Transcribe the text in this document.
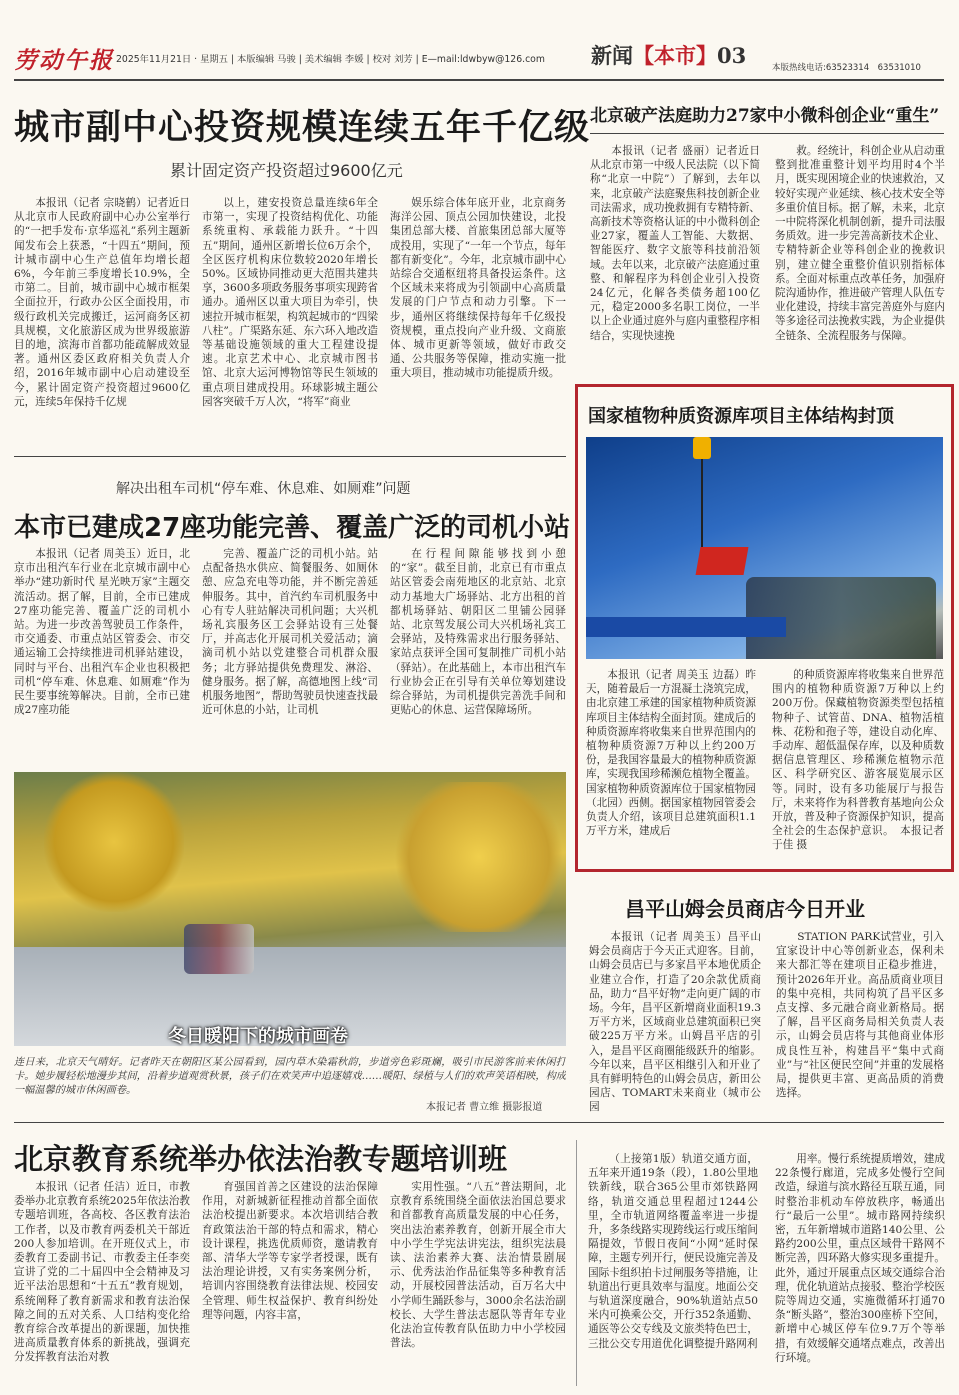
劳动午报 2025年11月21日 · 星期五 | 本版编辑 马骏 | 美术编辑 李媛 | 校对 刘芳 | E—mail:ldwbyw@126.com 新闻【本市】03	本版热线电话:63523314　63531010
城市副中心投资规模连续五年千亿级
累计固定资产投资超过9600亿元
本报讯（记者 宗晓鹤）记者近日从北京市人民政府副中心办公室举行的“一把手发布·京华巡礼”系列主题新闻发布会上获悉，“十四五”期间，预计城市副中心生产总值年均增长超6%，今年前三季度增长10.9%，全市第二。目前，城市副中心城市框架全面拉开，行政办公区全面投用，市级行政机关完成搬迁，运河商务区初具规模，文化旅游区成为世界级旅游目的地，滨海市首都功能疏解成效显著。通州区委区政府相关负责人介绍，2016年城市副中心启动建设至今，累计固定资产投资超过9600亿元，连续5年保持千亿规
以上，建安投资总量连续6年全市第一，实现了投资结构优化、功能系统重构、承载能力跃升。“十四五”期间，通州区新增长位6万余个，全区医疗机构床位数较2020年增长50%。区域协同推动更大范围共建共享，3600多项政务服务事项实现跨省通办。通州区以重大项目为牵引，快速拉开城市框架，构筑起城市的“四梁八柱”。广渠路东延、东六环入地改造等基础设施领域的重大工程建设提速。北京艺术中心、北京城市图书馆、北京大运河博物馆等民生领域的重点项目建成投用。环球影城主题公园客突破千万人次，“将军”商业
娱乐综合体年底开业，北京商务海洋公园、顶点公园加快建设，北投集团总部大楼、首旅集团总部大厦等成投用，实现了“一年一个节点，每年都有新变化”。今年，北京城市副中心站综合交通枢纽将具备投运条件。这个区域未来将成为引领副中心高质量发展的门户节点和动力引擎。下一步，通州区将继续保持每年千亿级投资规模，重点投向产业升级、文商旅体、城市更新等领域，做好市政交通、公共服务等保障，推动实施一批重大项目，推动城市功能提质升级。
北京破产法庭助力27家中小微科创企业“重生”
本报讯（记者 盛丽）记者近日从北京市第一中级人民法院（以下简称“北京一中院”）了解到，去年以来，北京破产法庭聚焦科技创新企业司法需求，成功挽救拥有专精特新、高新技术等资格认证的中小微科创企业27家，覆盖人工智能、大数据、智能医疗、数字文旅等科技前沿领域。去年以来，北京破产法庭通过重整、和解程序为科创企业引入投资24亿元，化解各类债务超100亿元，稳定2000多名职工岗位，一半以上企业通过庭外与庭内重整程序相结合，实现快速挽
救。经统计，科创企业从启动重整到批准重整计划平均用时4个半月，既实现困境企业的快速救治，又较好实现产业延续、核心技术安全等多重价值目标。据了解，未来，北京一中院将深化机制创新，提升司法服务质效。进一步完善高新技术企业、专精特新企业等科创企业的挽救识别，建立健全重整价值识别指标体系。全面对标重点改革任务，加强府院沟通协作，推进破产管理人队伍专业化建设，持续丰富完善庭外与庭内等多途径司法挽救实践，为企业提供全链条、全流程服务与保障。
国家植物种质资源库项目主体结构封顶
本报讯（记者 周美玉 边磊）昨天，随着最后一方混凝土浇筑完成，由北京建工承建的国家植物种质资源库项目主体结构全面封顶。建成后的种质资源库将收集来自世界范围内的植物种质资源7万种以上约200万份，是我国容量最大的植物种质资源库，实现我国珍稀濒危植物全覆盖。国家植物种质资源库位于国家植物园（北园）西侧。据国家植物园管委会负责人介绍，该项目总建筑面积1.1万平方米，建成后
的种质资源库将收集来自世界范围内的植物种质资源7万种以上约200万份。保藏植物资源类型包括植物种子、试管苗、DNA、植物活植株、花粉和孢子等，建设自动化库、手动库、超低温保存库，以及种质数据信息管理区、珍稀濒危植物示范区、科学研究区、游客展览展示区等。同时，设有多功能展厅与报告厅，未来将作为科普教育基地向公众开放，普及种子资源保护知识，提高全社会的生态保护意识。　本报记者 于佳 摄
昌平山姆会员商店今日开业
本报讯（记者 周美玉）昌平山姆会员商店于今天正式迎客。目前，山姆会员店已与多家昌平本地优质企业建立合作，打造了20余款优质商品，助力“昌平好物”走向更广阔的市场。今年，昌平区新增商业面积19.3万平方米，区域商业总建筑面积已突破225万平方米。山姆昌平店的引入，是昌平区商圈能级跃升的缩影。今年以来，昌平区相继引入和开业了具有鲜明特色的山姆会员店，新田公园店、TOMART未来商业（城市公园
STATION PARK试营业，引入宜家设计中心等创新业态，保利未来大都汇等在建项目正稳步推进，预计2026年开业。高品质商业项目的集中亮相，共同构筑了昌平区多点支撑、多元融合商业新格局。据了解，昌平区商务局相关负责人表示，山姆会员店将与其他商业体形成良性互补，构建昌平“集中式商业”与“社区便民空间”并重的发展格局，提供更丰富、更高品质的消费选择。
解决出租车司机“停车难、休息难、如厕难”问题
本市已建成27座功能完善、覆盖广泛的司机小站
本报讯（记者 周美玉）近日，北京市出租汽车行业在北京城市副中心举办“建功新时代 星光映万家”主题交流活动。据了解，目前，全市已建成27座功能完善、覆盖广泛的司机小站。为进一步改善驾驶员工作条件，市交通委、市重点站区管委会、市交通运输工会持续推进司机驿站建设，同时与平台、出租汽车企业也积极把司机“停车难、休息难、如厕难”作为民生要事统筹解决。目前，全市已建成27座功能
完善、覆盖广泛的司机小站。站点配备热水供应、简餐服务、如厕休憩、应急充电等功能，并不断完善延伸服务。其中，首汽约车司机服务中心有专人驻站解决司机问题；大兴机场礼宾服务区工会驿站设有三处餐厅，并高志化开展司机关爱活动；滴滴司机小站以党建整合司机群众服务；北方驿站提供免费理发、淋浴、健身服务。据了解，高德地图上线“司机服务地图”，帮助驾驶员快速查找最近可休息的小站，让司机
在行程间隙能够找到小憩的“家”。截至目前，北京已有市重点站区管委会南苑地区的北京站、北京动力基地大广场驿站、北方出租的首都机场驿站、朝阳区二里铺公园驿站、北京驾发展公司大兴机场礼宾工会驿站，及特殊需求出行服务驿站、家站点获评全国可复制推广司机小站（驿站）。在此基础上，本市出租汽车行业协会正在引导有关单位筹划建设综合驿站，为司机提供完善洗手间和更贴心的休息、运营保障场所。
冬日暖阳下的城市画卷
连日来，北京天气晴好。记者昨天在朝阳区某公园看到，园内草木染霜秋韵，步道旁色彩斑斓，吸引市民游客前来休闲打卡。她步履轻松地漫步其间，沿着步道观赏秋景，孩子们在欢笑声中追逐嬉戏……暖阳、绿植与人们的欢声笑语相映，构成一幅温馨的城市休闲画卷。
本报记者 曹立维 摄影报道
北京教育系统举办依法治教专题培训班
本报讯（记者 任洁）近日，市教委举办北京教育系统2025年依法治教专题培训班，各高校、各区教育法治工作者，以及市教育两委机关干部近200人参加培训。在开班仪式上，市委教育工委副书记、市教委主任李奕宣讲了党的二十届四中全会精神及习近平法治思想和“十五五”教育规划，系统阐释了教育新需求和教育法治保障之间的五对关系、人口结构变化给教育综合改革提出的新课题，加快推进高质量教育体系的新挑战，强调充分发挥教育法治对教
育强国首善之区建设的法治保障作用，对新城新征程推动首都全面依法治校提出新要求。本次培训结合教育政策法治干部的特点和需求，精心设计课程，挑选优质师资，邀请教育部、清华大学等专家学者授课，既有法治理论讲授，又有实务案例分析，培训内容围绕教育法律法规、校园安全管理、师生权益保护、教育纠纷处理等问题，内容丰富，
实用性强。“八五”普法期间，北京教育系统围绕全面依法治国总要求和首都教育高质量发展的中心任务，突出法治素养教育，创新开展全市大中小学生学宪法讲宪法，组织宪法晨读、法治素养大赛、法治情景剧展示、优秀法治作品征集等多种教育活动，开展校园普法活动，百万名大中小学师生踊跃参与，3000余名法治副校长、大学生普法志愿队等青年专业化法治宣传教育队伍助力中小学校园普法。
（上接第1版）轨道交通方面，五年来开通19条（段），1.80公里地铁新线，联合365公里市郊铁路网络，轨道交通总里程超过1244公里，全市轨道网络覆盖率进一步提升，多条线路实现跨线运行或压缩间隔提效，节假日夜间“小网”延时保障，主题专列开行，便民设施完善及国际卡组织拍卡过闸服务等措施，让轨道出行更具效率与温度。地面公交与轨道深度融合，90%轨道站点50米内可换乘公交，开行352条通勤、通医等公交专线及文旅类特色巴士，三批公交专用道优化调整提升路网利
用率。慢行系统提质增效，建成22条慢行廊道，完成多处慢行空间改造，绿道与滨水路径互联互通，同时整治非机动车停放秩序，畅通出行“最后一公里”。城市路网持续织密，五年新增城市道路140公里、公路约200公里，重点区域骨干路网不断完善，四环路大修实现多重提升。此外，通过开展重点区域交通综合治理，优化轨道站点接驳、整治学校医院等周边交通，实施微循环打通70条“断头路”，整治300座桥下空间，新增中心城区停车位9.7万个等举措，有效缓解交通堵点难点，改善出行环境。
